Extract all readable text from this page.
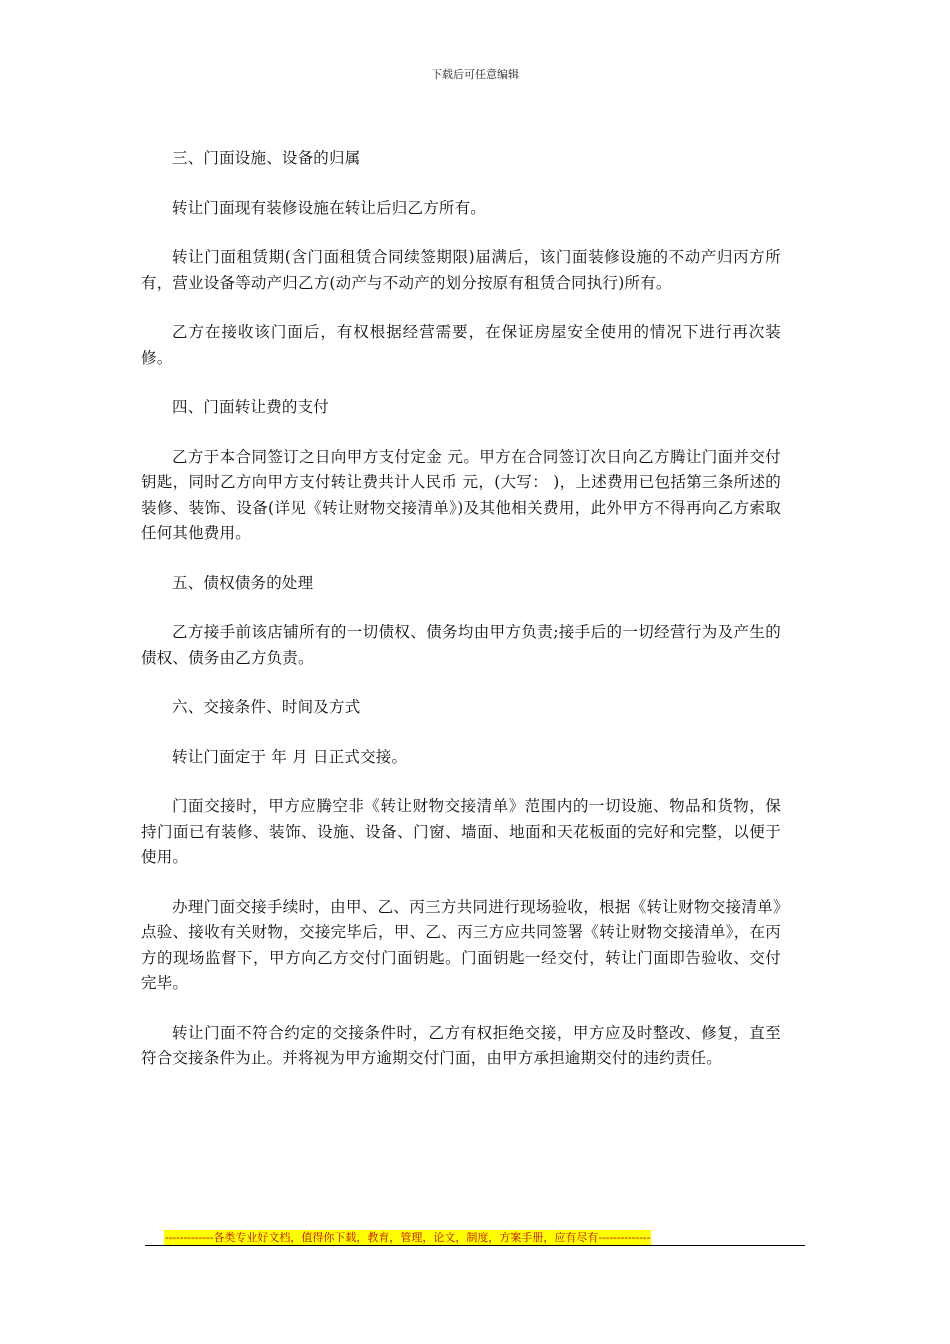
下载后可任意编辑

三、门面设施、设备的归属

转让门面现有装修设施在转让后归乙方所有。

转让门面租赁期(含门面租赁合同续签期限)届满后，该门面装修设施的不动产归丙方所有，营业设备等动产归乙方(动产与不动产的划分按原有租赁合同执行)所有。

乙方在接收该门面后，有权根据经营需要，在保证房屋安全使用的情况下进行再次装修。

四、门面转让费的支付

乙方于本合同签订之日向甲方支付定金 元。甲方在合同签订次日向乙方腾让门面并交付钥匙，同时乙方向甲方支付转让费共计人民币 元，(大写： )，上述费用已包括第三条所述的装修、装饰、设备(详见《转让财物交接清单》)及其他相关费用，此外甲方不得再向乙方索取任何其他费用。

五、债权债务的处理

乙方接手前该店铺所有的一切债权、债务均由甲方负责;接手后的一切经营行为及产生的债权、债务由乙方负责。

六、交接条件、时间及方式

转让门面定于 年 月 日正式交接。

门面交接时，甲方应腾空非《转让财物交接清单》范围内的一切设施、物品和货物，保持门面已有装修、装饰、设施、设备、门窗、墙面、地面和天花板面的完好和完整，以便于使用。

办理门面交接手续时，由甲、乙、丙三方共同进行现场验收，根据《转让财物交接清单》点验、接收有关财物，交接完毕后，甲、乙、丙三方应共同签署《转让财物交接清单》，在丙方的现场监督下，甲方向乙方交付门面钥匙。门面钥匙一经交付，转让门面即告验收、交付完毕。

转让门面不符合约定的交接条件时，乙方有权拒绝交接，甲方应及时整改、修复，直至符合交接条件为止。并将视为甲方逾期交付门面，由甲方承担逾期交付的违约责任。

-------------各类专业好文档，值得你下载，教育，管理，论文，制度，方案手册，应有尽有--------------
